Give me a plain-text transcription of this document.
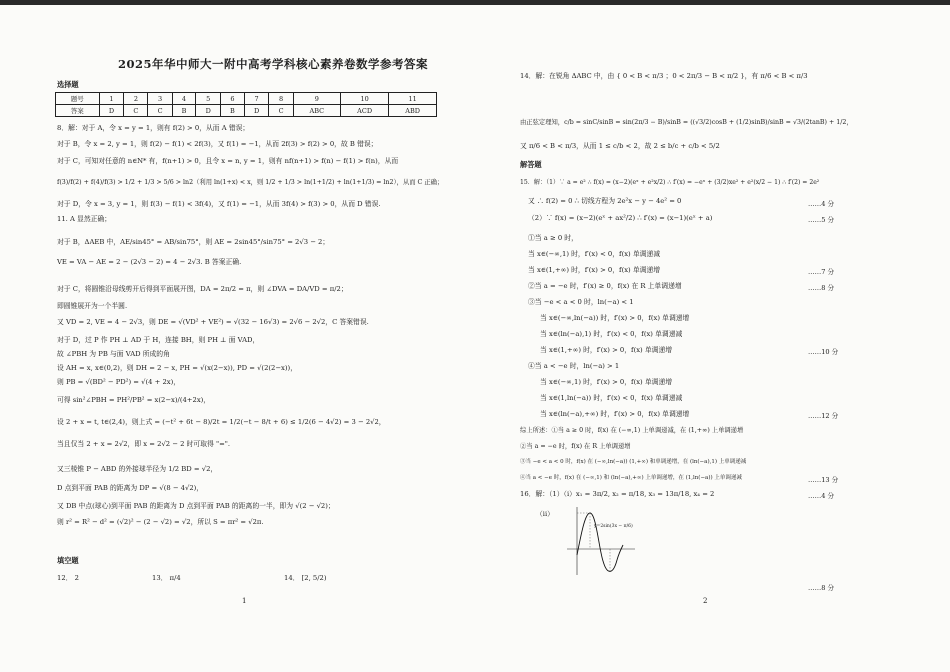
2025年华中师大一附中高考学科核心素养卷数学参考答案
选择题
题号	1	2	3	4	5	6	7	8	9	10	11
答案	D	C	C	B	D	B	D	C	ABC	ACD	ABD
8．解：对于 A，令 x = y = 1，则有 f(2) > 0，从而 A 错误；
对于 B，令 x = 2, y = 1，则 f(2) − f(1) < 2f(3)，又 f(1) = −1，从而 2f(3) > f(2) > 0，故 B 错误；
对于 C，可知对任意的 n∈N* 有，f(n+1) > 0，且令 x = n, y = 1，则有 nf(n+1) > f(n) − f(1) > f(n)，从而
f(3)/f(2) + f(4)/f(3) > 1/2 + 1/3 > 5/6 > ln2（利用 ln(1+x) < x，则 1/2 + 1/3 > ln(1+1/2) + ln(1+1/3) = ln2），从而 C 正确；
对于 D，令 x = 3, y = 1，则 f(3) − f(1) < 3f(4)，又 f(1) = −1，从而 3f(4) > f(3) > 0，从而 D 错误.
11. A 显然正确；
对于 B，ΔAEB 中，AE/sin45° = AB/sin75°，则 AE = 2sin45°/sin75° = 2√3 − 2；
VE = VA − AE = 2 − (2√3 − 2) = 4 − 2√3. B 答案正确.
对于 C，将圆锥沿母线剪开后得到平面展开图，DA = 2π/2 = π，则 ∠DVA = DA/VD = π/2；
即圆锥展开为一个半圆.
又 VD = 2, VE = 4 − 2√3，则 DE = √(VD² + VE²) = √(32 − 16√3) = 2√6 − 2√2，C 答案错误.
对于 D，过 P 作 PH ⊥ AD 于 H，连接 BH，则 PH ⊥ 面 VAD，
故 ∠PBH 为 PB 与面 VAD 所成的角
设 AH = x, x∈(0,2)，则 DH = 2 − x, PH = √(x(2−x)), PD = √(2(2−x))，
则 PB = √(BD² − PD²) = √(4 + 2x)，
可得 sin²∠PBH = PH²/PB² = x(2−x)/(4+2x)，
设 2 + x = t, t∈(2,4)，则上式 = (−t² + 6t − 8)/2t = 1/2(−t − 8/t + 6) ≤ 1/2(6 − 4√2) = 3 − 2√2，
当且仅当 2 + x = 2√2，即 x = 2√2 − 2 时可取得 "=".
又三棱锥 P − ABD 的外接球半径为 1/2 BD = √2，
D 点到平面 PAB 的距离为 DP = √(8 − 4√2)，
又 DB 中点(球心)到平面 PAB 的距离为 D 点到平面 PAB 的距离的一半，即为 √(2 − √2)；
则 r² = R² − d² = (√2)² − (2 − √2) = √2，所以 S = πr² = √2π.
填空题
12． 2	13． π/4	14． [2, 5/2)
1
14．解：在锐角 ΔABC 中，由 { 0 < B < π/3 ；0 < 2π/3 − B < π/2 }，有 π/6 < B < π/3
由正弦定理知，c/b = sinC/sinB = sin(2π/3 − B)/sinB = ((√3/2)cosB + (1/2)sinB)/sinB = √3/(2tanB) + 1/2，
又 π/6 < B < π/3，从而 1 ≤ c/b < 2，故 2 ≤ b/c + c/b < 5/2
解答题
15．解：（1）∵ a = e² ∴ f(x) = (x−2)(eˣ + e²x/2) ∴ f′(x) = −eˣ + (3/2)xe² + e²(x/2 − 1) ∴ f′(2) = 2e²
又 ∴ f(2) = 0 ∴ 切线方程为 2e²x − y − 4e² = 0
（2）∵ f(x) = (x−2)(eˣ + ax²/2) ∴ f′(x) = (x−1)(eˣ + a)
①当 a ≥ 0 时，
当 x∈(−∞,1) 时，f′(x) < 0，f(x) 单调递减
当 x∈(1,+∞) 时，f′(x) > 0，f(x) 单调递增
②当 a = −e 时，f′(x) ≥ 0，f(x) 在 R 上单调递增
③当 −e < a < 0 时，ln(−a) < 1
当 x∈(−∞,ln(−a)) 时，f′(x) > 0，f(x) 单调递增
当 x∈(ln(−a),1) 时，f′(x) < 0，f(x) 单调递减
当 x∈(1,+∞) 时，f′(x) > 0，f(x) 单调递增
④当 a < −e 时，ln(−a) > 1
当 x∈(−∞,1) 时，f′(x) > 0，f(x) 单调递增
当 x∈(1,ln(−a)) 时，f′(x) < 0，f(x) 单调递减
当 x∈(ln(−a),+∞) 时，f′(x) > 0，f(x) 单调递增
综上所述：①当 a ≥ 0 时，f(x) 在 (−∞,1) 上单调递减，在 (1,+∞) 上单调递增
②当 a = −e 时，f(x) 在 R 上单调递增
③当 −e < a < 0 时，f(x) 在 (−∞,ln(−a)) (1,+∞) 和单调递增，在 (ln(−a),1) 上单调递减
④当 a < −e 时，f(x) 在 (−∞,1) 和 (ln(−a),+∞) 上单调递增，在 (1,ln(−a)) 上单调递减
16．解：（1）（i）x₁ = 3π/2, x₂ = π/18, x₃ = 13π/18, x₄ = 2
（ii）
……4 分
……5 分
……7 分
……8 分
……10 分
……12 分
……13 分
……4 分
……8 分
y=2sin(3x − π/6)
2
